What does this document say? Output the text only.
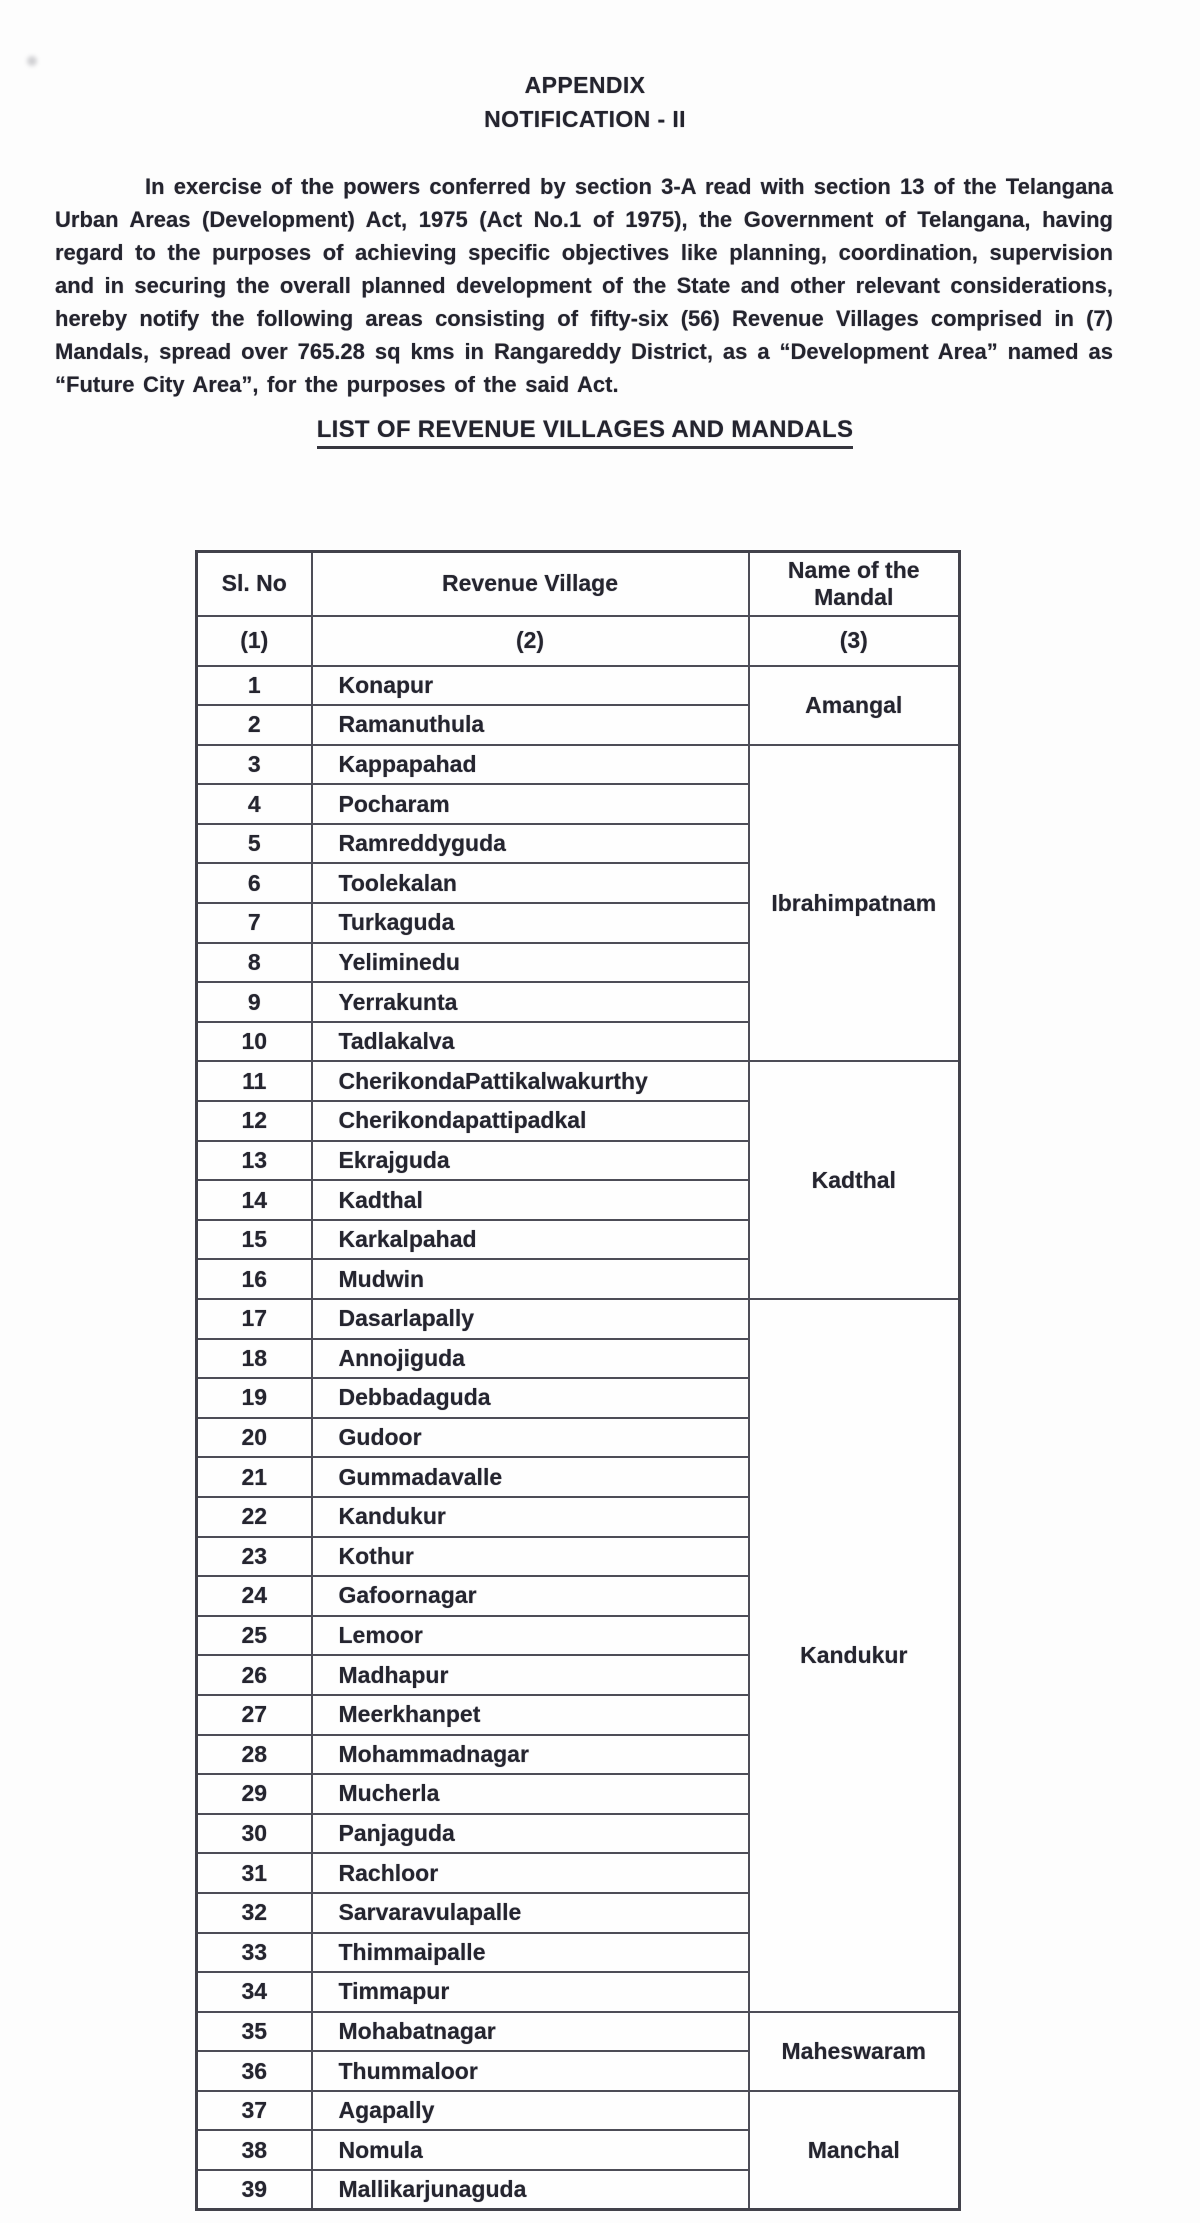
APPENDIX
NOTIFICATION - II

In exercise of the powers conferred by section 3-A read with section 13 of the Telangana Urban Areas (Development) Act, 1975 (Act No.1 of 1975), the Government of Telangana, having regard to the purposes of achieving specific objectives like planning, coordination, supervision and in securing the overall planned development of the State and other relevant considerations, hereby notify the following areas consisting of fifty-six (56) Revenue Villages comprised in (7) Mandals, spread over 765.28 sq kms in Rangareddy District, as a “Development Area” named as “Future City Area”, for the purposes of the said Act.

LIST OF REVENUE VILLAGES AND MANDALS
Sl. No	Revenue Village	Name of the Mandal
(1)	(2)	(3)
1	Konapur	Amangal
2	Ramanuthula	
3	Kappapahad	Ibrahimpatnam
4	Pocharam	
5	Ramreddyguda	
6	Toolekalan	
7	Turkaguda	
8	Yeliminedu	
9	Yerrakunta	
10	Tadlakalva	
11	CherikondaPattikalwakurthy	Kadthal
12	Cherikondapattipadkal	
13	Ekrajguda	
14	Kadthal	
15	Karkalpahad	
16	Mudwin	
17	Dasarlapally	Kandukur
18	Annojiguda	
19	Debbadaguda	
20	Gudoor	
21	Gummadavalle	
22	Kandukur	
23	Kothur	
24	Gafoornagar	
25	Lemoor	
26	Madhapur	
27	Meerkhanpet	
28	Mohammadnagar	
29	Mucherla	
30	Panjaguda	
31	Rachloor	
32	Sarvaravulapalle	
33	Thimmaipalle	
34	Timmapur	
35	Mohabatnagar	Maheswaram
36	Thummaloor	
37	Agapally	Manchal
38	Nomula	
39	Mallikarjunaguda	
